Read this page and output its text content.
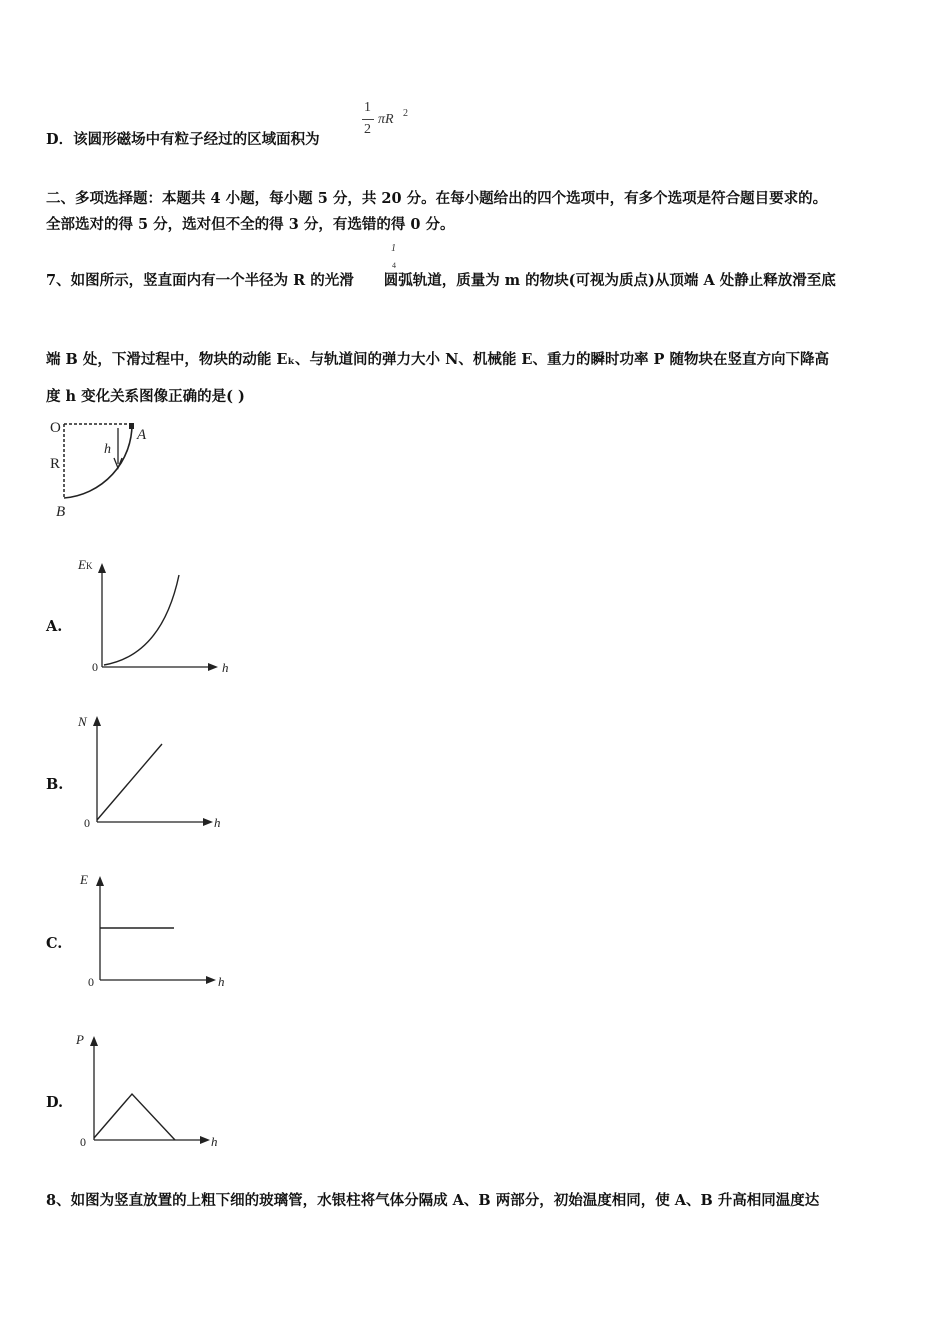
D．该圆形磁场中有粒子经过的区域面积为
1
2
πR 2
二、多项选择题：本题共 4 小题，每小题 5 分，共 20 分。在每小题给出的四个选项中，有多个选项是符合题目要求的。
全部选对的得 5 分，选对但不全的得 3 分，有选错的得 0 分。
7、如图所示，竖直面内有一个半径为 R 的光滑 圆弧轨道，质量为 m 的物块(可视为质点)从顶端 A 处静止释放滑至底
1
4
端 B 处，下滑过程中，物块的动能 Eₖ、与轨道间的弹力大小 N、机械能 E、重力的瞬时功率 P 随物块在竖直方向下降高
度 h 变化关系图像正确的是( )
O	A
R
B
h
A.
EK
h
0
B.
N
h
0
C.
E
h
0
D.
P
h
0
8、如图为竖直放置的上粗下细的玻璃管，水银柱将气体分隔成 A、B 两部分，初始温度相同，使 A、B 升高相同温度达
